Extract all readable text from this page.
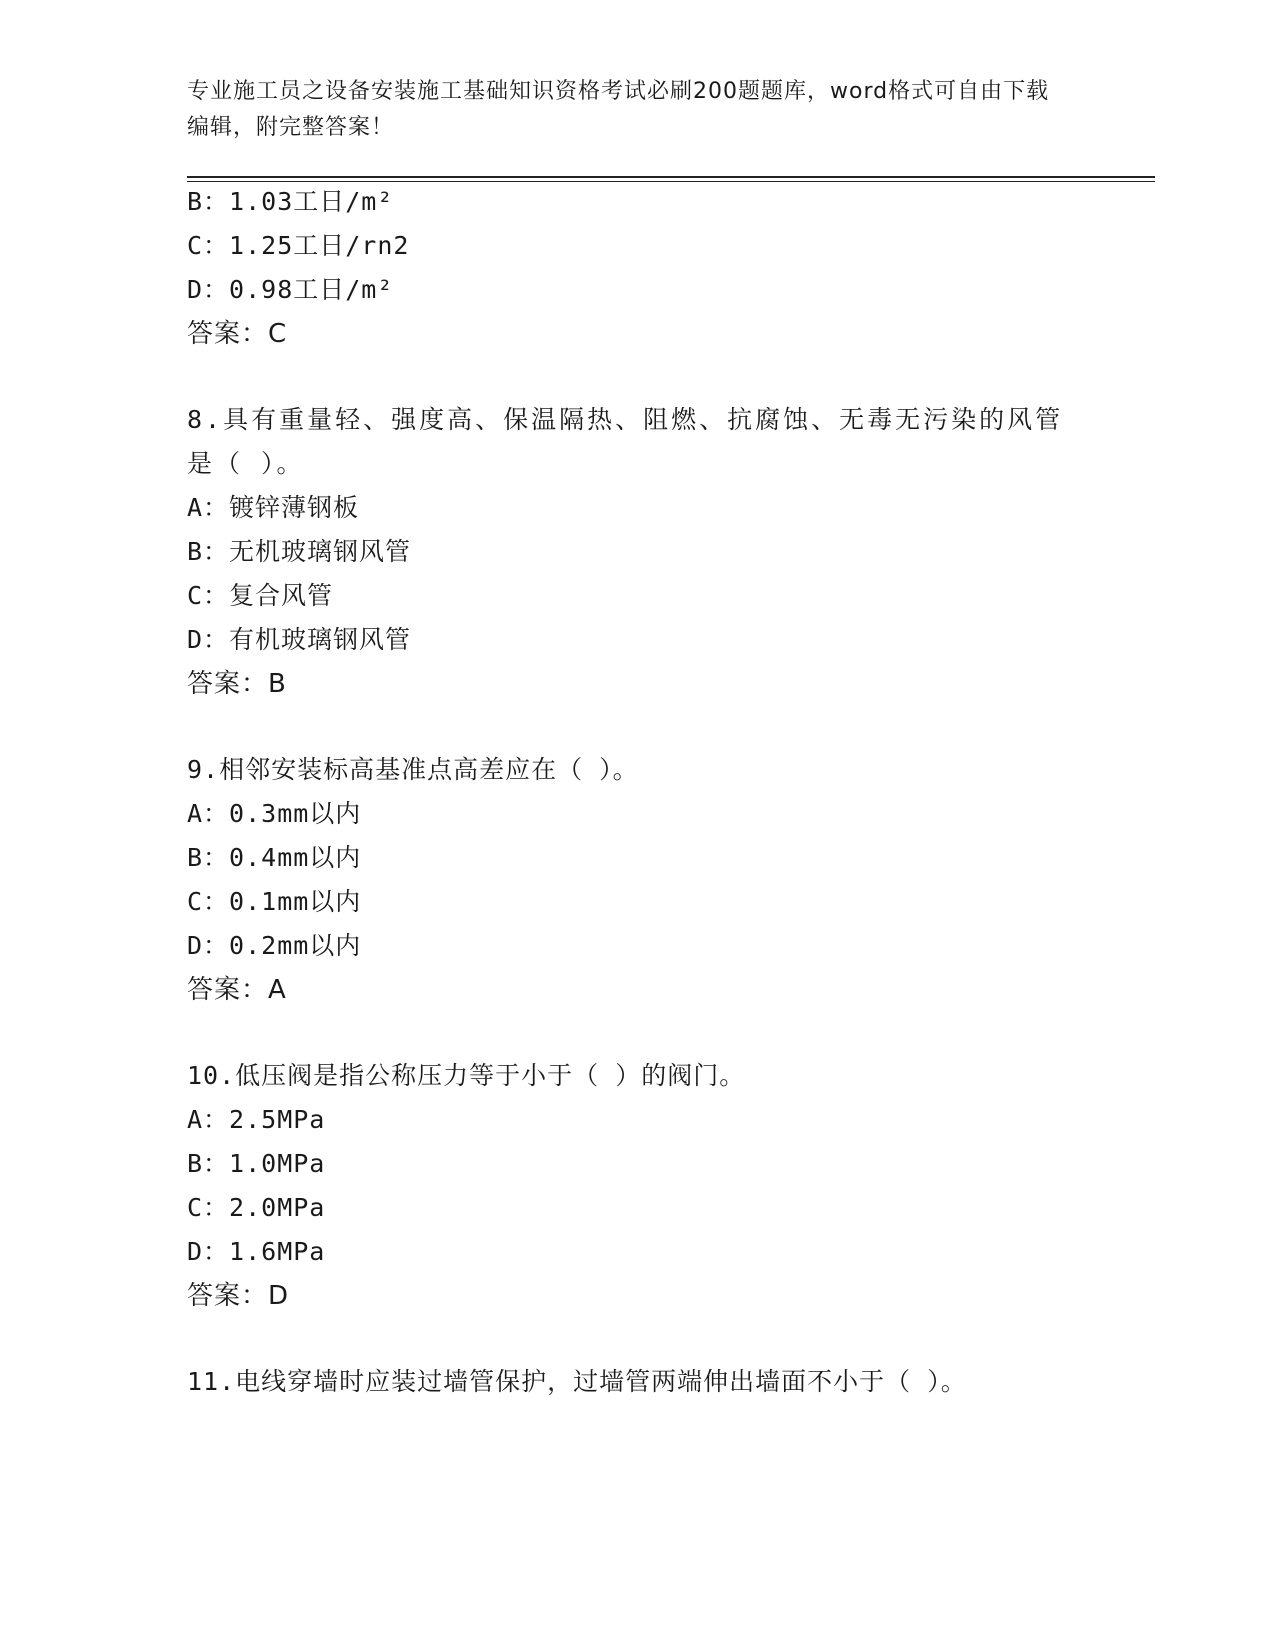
专业施工员之设备安装施工基础知识资格考试必刷200题题库，word格式可自由下载编辑，附完整答案！
B：1.03工日/m²
C：1.25工日/rn2
D：0.98工日/m²
答案：C
8.具有重量轻、强度高、保温隔热、阻燃、抗腐蚀、无毒无污染的风管是（ ）。
A：镀锌薄钢板
B：无机玻璃钢风管
C：复合风管
D：有机玻璃钢风管
答案：B
9.相邻安装标高基准点高差应在（ ）。
A：0.3mm以内
B：0.4mm以内
C：0.1mm以内
D：0.2mm以内
答案：A
10.低压阀是指公称压力等于小于（ ）的阀门。
A：2.5MPa
B：1.0MPa
C：2.0MPa
D：1.6MPa
答案：D
11.电线穿墙时应装过墙管保护，过墙管两端伸出墙面不小于（ ）。
